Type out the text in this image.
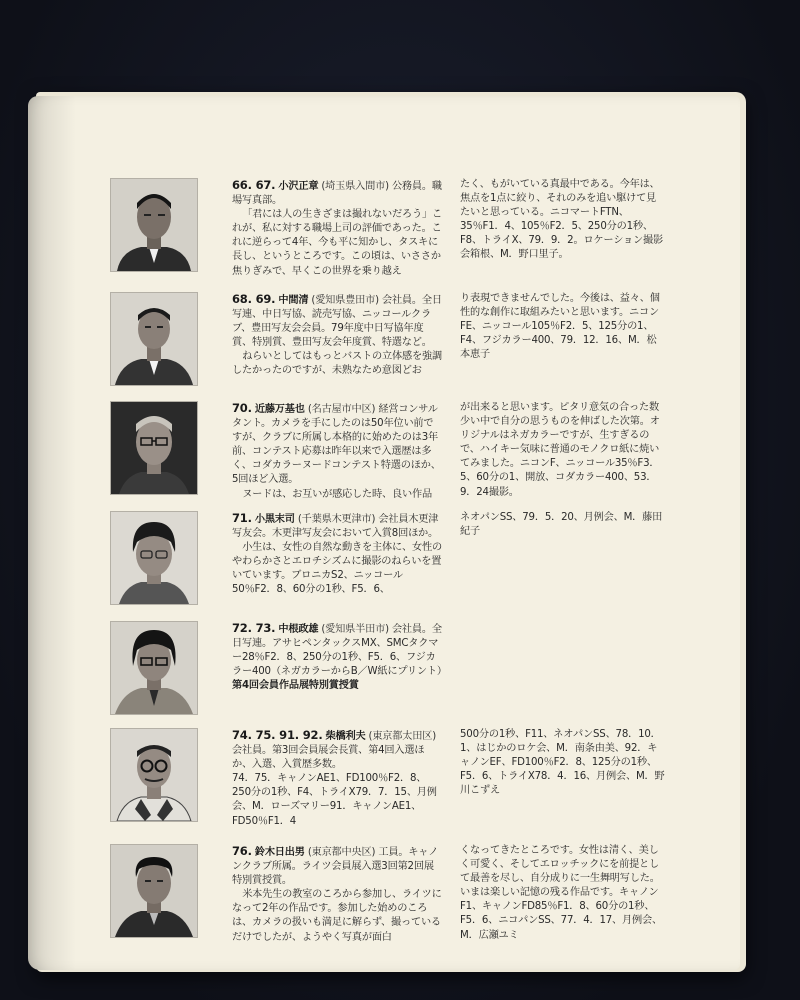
66. 67. 小沢正章 (埼玉県入間市) 公務員。職場写真部。
「君には人の生きざまは撮れないだろう」これが、私に対する職場上司の評価であった。これに逆らって4年、今も平に知かし、タスキに長し、というところです。この頃は、いささか焦りぎみで、早くこの世界を乗り越え
たく、もがいている真最中である。今年は、焦点を1点に絞り、それのみを追い駆けて見たいと思っている。ニコマートFTN、35％F1．4、105％F2．5、250分の1秒、F8、トライX、79．9．2。ロケーション撮影会箱根、M．野口里子。
68. 69. 中間清 (愛知県豊田市) 会社員。全日写連、中日写協、読売写協、ニッコールクラブ、豊田写友会会員。79年度中日写協年度賞、特別賞、豊田写友会年度賞、特選など。
ねらいとしてはもっとバストの立体感を強調したかったのですが、未熟なため意図どお
り表現できませんでした。今後は、益々、個性的な創作に取組みたいと思います。ニコンFE、ニッコール105％F2．5、125分の1、F4、フジカラー400、79．12．16、M．松本恵子
70. 近藤万基也 (名古屋市中区) 経営コンサルタント。カメラを手にしたのは50年位い前ですが、クラブに所属し本格的に始めたのは3年前、コンテスト応募は昨年以来で入選歴は多く、コダカラーヌードコンテスト特選のほか、5回ほど入選。
ヌードは、お互いが感応した時、良い作品
が出来ると思います。ピタリ意気の合った数少い中で自分の思うものを伸ばした次第。オリジナルはネガカラーですが、生すぎるので、ハイキー気味に普通のモノクロ紙に焼いてみました。ニコンF、ニッコール35％F3．5、60分の1、開放、コダカラー400、53．9．24撮影。
71. 小黒末司 (千葉県木更津市) 会社員木更津写友会。木更津写友会において入賞8回ほか。
小生は、女性の自然な動きを主体に、女性のやわらかさとエロチシズムに撮影のねらいを置いています。ブロニカS2、ニッコール50％F2．8、60分の1秒、F5．6、
ネオパンSS、79．5．20、月例会、M．藤田紀子
72. 73. 中根政雄 (愛知県半田市) 会社員。全日写連。アサヒペンタックスMX、SMCタクマー28％F2．8、250分の1秒、F5．6、フジカラー400（ネガカラーからB／W紙にプリント）
第4回会員作品展特別賞授賞
74. 75. 91. 92. 柴橋利夫 (東京都太田区) 会社員。第3回会員展会長賞、第4回入選ほか、入選、入賞歴多数。
74．75．キャノンAE1、FD100％F2．8、250分の1秒、F4、トライX79．7．15、月例会、M．ローズマリー91．キャノンAE1、FD50％F1．4
500分の1秒、F11、ネオパンSS、78．10．1、はじかのロケ会、M．南条由美、92．キャノンEF、FD100％F2．8、125分の1秒、F5．6、トライX78．4．16、月例会、M．野川こずえ
76. 鈴木日出男 (東京都中央区) 工員。キャノンクラブ所属。ライツ会員展入選3回第2回展特別賞授賞。
米本先生の教室のころから参加し、ライツになって2年の作品です。参加した始めのころは、カメラの扱いも満足に解らず、撮っているだけでしたが、ようやく写真が面白
くなってきたところです。女性は清く、美しく可愛く、そしてエロッチックにを前提として最善を尽し、自分成りに一生舞明写した。いまは楽しい記憶の残る作品です。キャノンF1、キャノンFD85％F1．8、60分の1秒、F5．6、ニコパンSS、77．4．17、月例会、M．広瀬ユミ
